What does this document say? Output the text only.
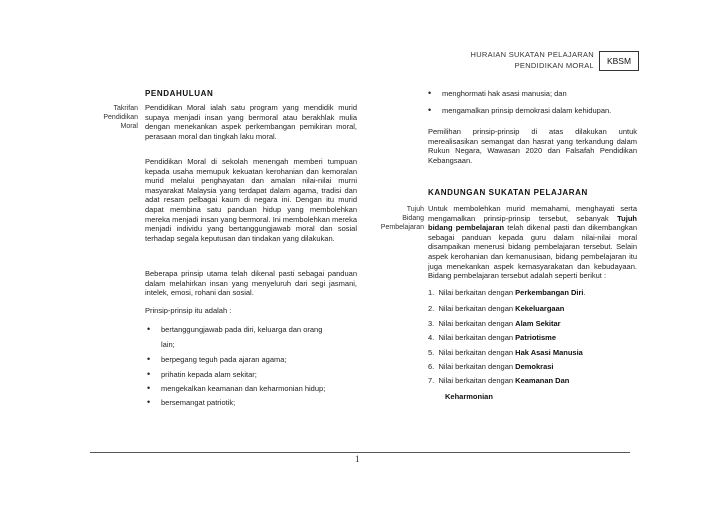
HURAIAN SUKATAN PELAJARAN
PENDIDIKAN MORAL KBSM
PENDAHULUAN
Takrifan
Pendidikan
Moral
Pendidikan Moral ialah satu program yang mendidik murid supaya menjadi insan yang bermoral atau berakhlak mulia dengan menekankan aspek perkembangan pemikiran moral, perasaan moral dan tingkah laku moral.
Pendidikan Moral di sekolah menengah memberi tumpuan kepada usaha memupuk kekuatan kerohanian dan kemoralan murid melalui penghayatan dan amalan nilai-nilai murni masyarakat Malaysia yang terdapat dalam agama, tradisi dan adat resam pelbagai kaum di negara ini. Dengan itu murid dapat membina satu panduan hidup yang membolehkan mereka menjadi insan yang bermoral. Ini membolehkan mereka menjadi individu yang bertanggungjawab moral dan sosial terhadap segala keputusan dan tindakan yang dilakukan.
Beberapa prinsip utama telah dikenal pasti sebagai panduan dalam melahirkan insan yang menyeluruh dari segi jasmani, intelek, emosi, rohani dan sosial.
Prinsip-prinsip itu adalah :
• bertanggungjawab pada diri, keluarga dan orang
lain;
• berpegang teguh pada ajaran agama;
• prihatin kepada alam sekitar;
• mengekalkan keamanan dan keharmonian hidup;
• bersemangat patriotik;
• menghormati hak asasi manusia; dan
• mengamalkan prinsip demokrasi dalam kehidupan.
Pemilihan prinsip-prinsip di atas dilakukan untuk merealisasikan semangat dan hasrat yang terkandung dalam Rukun Negara, Wawasan 2020 dan Falsafah Pendidikan Kebangsaan.
KANDUNGAN SUKATAN PELAJARAN
Tujuh
Bidang
Pembelajaran
Untuk membolehkan murid memahami, menghayati serta mengamalkan prinsip-prinsip tersebut, sebanyak Tujuh bidang pembelajaran telah dikenal pasti dan dikembangkan sebagai panduan kepada guru dalam nilai-nilai moral disampaikan menerusi bidang pembelajaran tersebut. Selain aspek kerohanian dan kemanusiaan, bidang pembelajaran itu juga menekankan aspek kemasyarakatan dan kebudayaan. Bidang pembelajaran tersebut adalah seperti berikut :
1. Nilai berkaitan dengan Perkembangan Diri.
2. Nilai berkaitan dengan Kekeluargaan
3. Nilai berkaitan dengan Alam Sekitar
4. Nilai berkaitan dengan Patriotisme
5. Nilai berkaitan dengan Hak Asasi Manusia
6. Nilai berkaitan dengan Demokrasi
7. Nilai berkaitan dengan Keamanan Dan
Keharmonian
1
